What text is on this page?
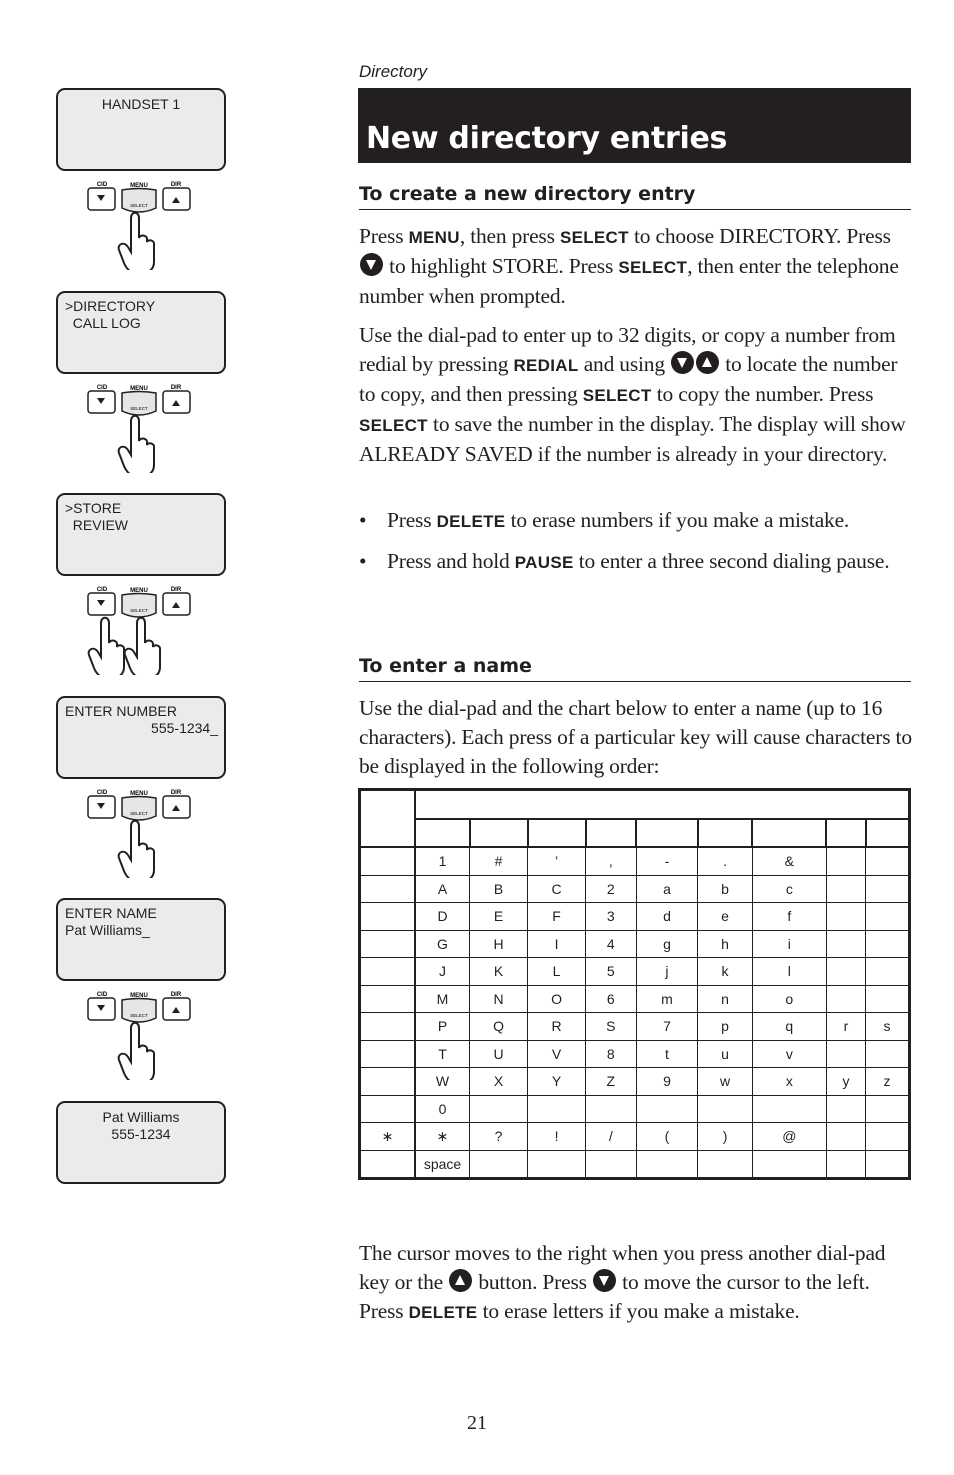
HANDSET 1
CID	MENU
SELECT
DIR
>DIRECTORY
CALL LOG
CID	MENU
SELECT
DIR
>STORE
REVIEW
CID	MENU
SELECT
DIR
ENTER NUMBER
555-1234_
CID	MENU
SELECT
DIR
ENTER NAME
Pat Williams_
CID	MENU
SELECT
DIR
Pat Williams
555-1234
Directory
New directory entries
To create a new directory entry
Press MENU, then press SELECT to choose DIRECTORY. Press  to highlight STORE. Press SELECT, then enter the telephone number when prompted.
Use the dial-pad to enter up to 32 digits, or copy a number from redial by pressing REDIAL and using  to locate the number to copy, and then pressing SELECT to copy the number. Press SELECT to save the number in the display. The display will show ALREADY SAVED if the number is already in your directory.
• Press DELETE to erase numbers if you make a mistake.
• Press and hold PAUSE to enter a three second dialing pause.
To enter a name
Use the dial-pad and the chart below to enter a name (up to 16 characters). Each press of a particular key will cause characters to be displayed in the following order:

	1	#	’	,	-	.	&		
	A	B	C	2	a	b	c		
	D	E	F	3	d	e	f		
	G	H	I	4	g	h	i		
	J	K	L	5	j	k	l		
	M	N	O	6	m	n	o		
	P	Q	R	S	7	p	q	r	s
	T	U	V	8	t	u	v		
	W	X	Y	Z	9	w	x	y	z
	0								
∗	∗	?	!	/	(	)	@		
	space								
The cursor moves to the right when you press another dial-pad key or the  button. Press  to move the cursor to the left. Press DELETE to erase letters if you make a mistake.
21
